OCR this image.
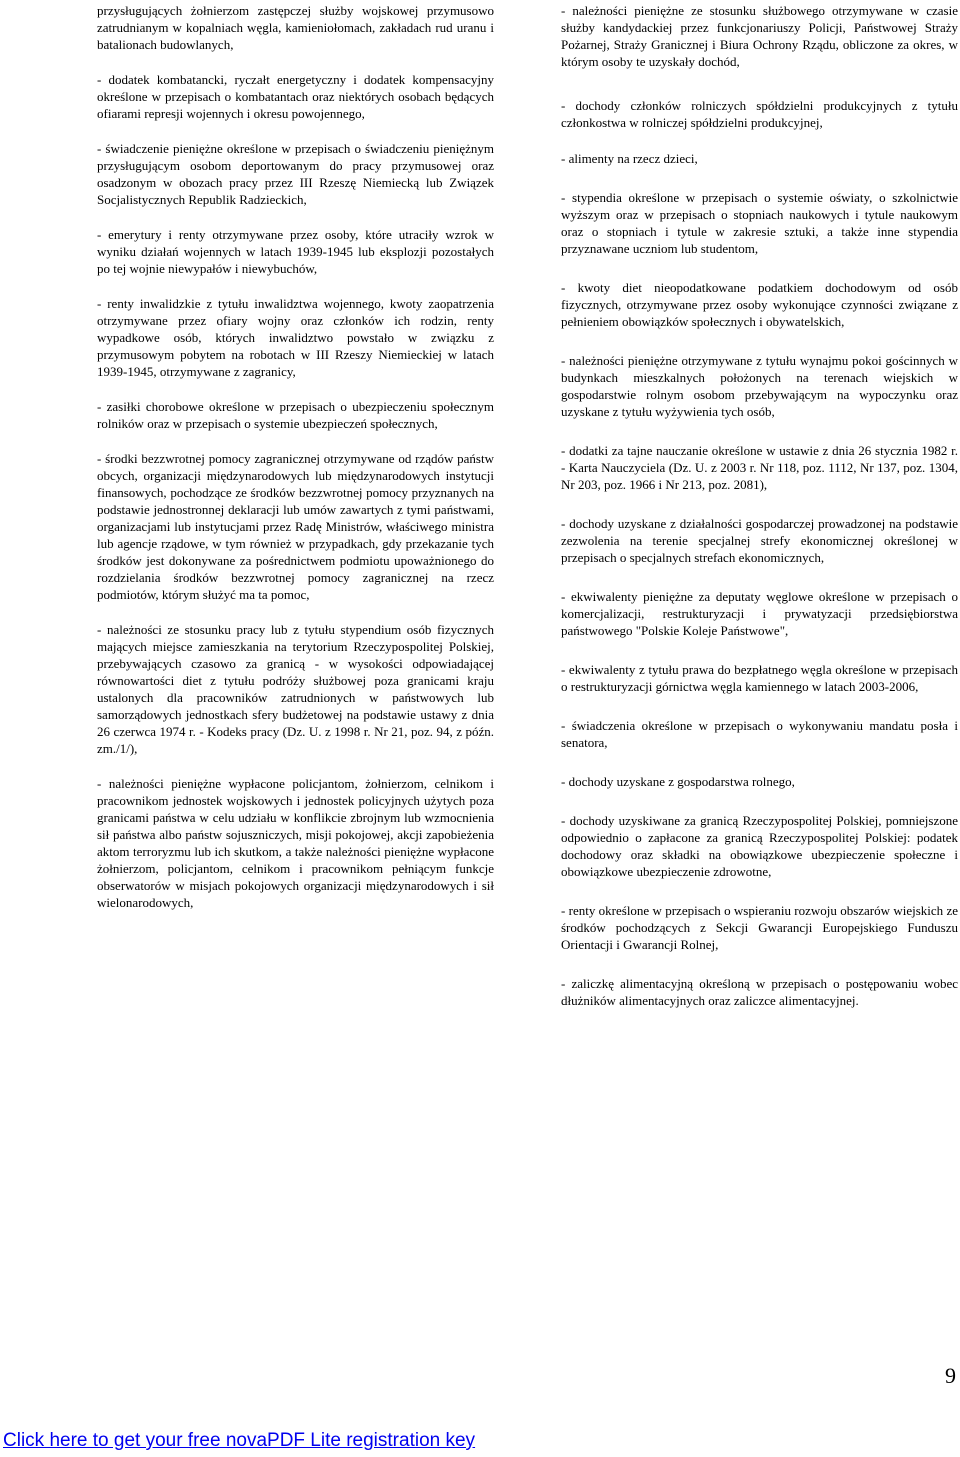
przysługujących żołnierzom zastępczej służby wojskowej przymusowo zatrudnianym w kopalniach węgla, kamieniołomach, zakładach rud uranu i batalionach budowlanych,

- dodatek kombatancki, ryczałt energetyczny i dodatek kompensacyjny określone w przepisach o kombatantach oraz niektórych osobach będących ofiarami represji wojennych i okresu powojennego,

- świadczenie pieniężne określone w przepisach o świadczeniu pieniężnym przysługującym osobom deportowanym do pracy przymusowej oraz osadzonym w obozach pracy przez III Rzeszę Niemiecką lub Związek Socjalistycznych Republik Radzieckich,

- emerytury i renty otrzymywane przez osoby, które utraciły wzrok w wyniku działań wojennych w latach 1939-1945 lub eksplozji pozostałych po tej wojnie niewypałów i niewybuchów,

- renty inwalidzkie z tytułu inwalidztwa wojennego, kwoty zaopatrzenia otrzymywane przez ofiary wojny oraz członków ich rodzin, renty wypadkowe osób, których inwalidztwo powstało w związku z przymusowym pobytem na robotach w III Rzeszy Niemieckiej w latach 1939-1945, otrzymywane z zagranicy,

- zasiłki chorobowe określone w przepisach o ubezpieczeniu społecznym rolników oraz w przepisach o systemie ubezpieczeń społecznych,

- środki bezzwrotnej pomocy zagranicznej otrzymywane od rządów państw obcych, organizacji międzynarodowych lub międzynarodowych instytucji finansowych, pochodzące ze środków bezzwrotnej pomocy przyznanych na podstawie jednostronnej deklaracji lub umów zawartych z tymi państwami, organizacjami lub instytucjami przez Radę Ministrów, właściwego ministra lub agencje rządowe, w tym również w przypadkach, gdy przekazanie tych środków jest dokonywane za pośrednictwem podmiotu upoważnionego do rozdzielania środków bezzwrotnej pomocy zagranicznej na rzecz podmiotów, którym służyć ma ta pomoc,

- należności ze stosunku pracy lub z tytułu stypendium osób fizycznych mających miejsce zamieszkania na terytorium Rzeczypospolitej Polskiej, przebywających czasowo za granicą - w wysokości odpowiadającej równowartości diet z tytułu podróży służbowej poza granicami kraju ustalonych dla pracowników zatrudnionych w państwowych lub samorządowych jednostkach sfery budżetowej na podstawie ustawy z dnia 26 czerwca 1974 r. - Kodeks pracy (Dz. U. z 1998 r. Nr 21, poz. 94, z późn. zm./1/),

- należności pieniężne wypłacone policjantom, żołnierzom, celnikom i pracownikom jednostek wojskowych i jednostek policyjnych użytych poza granicami państwa w celu udziału w konflikcie zbrojnym lub wzmocnienia sił państwa albo państw sojuszniczych, misji pokojowej, akcji zapobieżenia aktom terroryzmu lub ich skutkom, a także należności pieniężne wypłacone żołnierzom, policjantom, celnikom i pracownikom pełniącym funkcje obserwatorów w misjach pokojowych organizacji międzynarodowych i sił wielonarodowych,

- należności pieniężne ze stosunku służbowego otrzymywane w czasie służby kandydackiej przez funkcjonariuszy Policji, Państwowej Straży Pożarnej, Straży Granicznej i Biura Ochrony Rządu, obliczone za okres, w którym osoby te uzyskały dochód,

- dochody członków rolniczych spółdzielni produkcyjnych z tytułu członkostwa w rolniczej spółdzielni produkcyjnej,

- alimenty na rzecz dzieci,

- stypendia określone w przepisach o systemie oświaty, o szkolnictwie wyższym oraz w przepisach o stopniach naukowych i tytule naukowym oraz o stopniach i tytule w zakresie sztuki, a także inne stypendia przyznawane uczniom lub studentom,

- kwoty diet nieopodatkowane podatkiem dochodowym od osób fizycznych, otrzymywane przez osoby wykonujące czynności związane z pełnieniem obowiązków społecznych i obywatelskich,

- należności pieniężne otrzymywane z tytułu wynajmu pokoi gościnnych w budynkach mieszkalnych położonych na terenach wiejskich w gospodarstwie rolnym osobom przebywającym na wypoczynku oraz uzyskane z tytułu wyżywienia tych osób,

- dodatki za tajne nauczanie określone w ustawie z dnia 26 stycznia 1982 r. - Karta Nauczyciela (Dz. U. z 2003 r. Nr 118, poz. 1112, Nr 137, poz. 1304, Nr 203, poz. 1966 i Nr 213, poz. 2081),

- dochody uzyskane z działalności gospodarczej prowadzonej na podstawie zezwolenia na terenie specjalnej strefy ekonomicznej określonej w przepisach o specjalnych strefach ekonomicznych,

- ekwiwalenty pieniężne za deputaty węglowe określone w przepisach o komercjalizacji, restrukturyzacji i prywatyzacji przedsiębiorstwa państwowego "Polskie Koleje Państwowe",

- ekwiwalenty z tytułu prawa do bezpłatnego węgla określone w przepisach o restrukturyzacji górnictwa węgla kamiennego w latach 2003-2006,

- świadczenia określone w przepisach o wykonywaniu mandatu posła i senatora,

- dochody uzyskane z gospodarstwa rolnego,

- dochody uzyskiwane za granicą Rzeczypospolitej Polskiej, pomniejszone odpowiednio o zapłacone za granicą Rzeczypospolitej Polskiej: podatek dochodowy oraz składki na obowiązkowe ubezpieczenie społeczne i obowiązkowe ubezpieczenie zdrowotne,

- renty określone w przepisach o wspieraniu rozwoju obszarów wiejskich ze środków pochodzących z Sekcji Gwarancji Europejskiego Funduszu Orientacji i Gwarancji Rolnej,

- zaliczkę alimentacyjną określoną w przepisach o postępowaniu wobec dłużników alimentacyjnych oraz zaliczce alimentacyjnej.

9
Click here to get your free novaPDF Lite registration key
